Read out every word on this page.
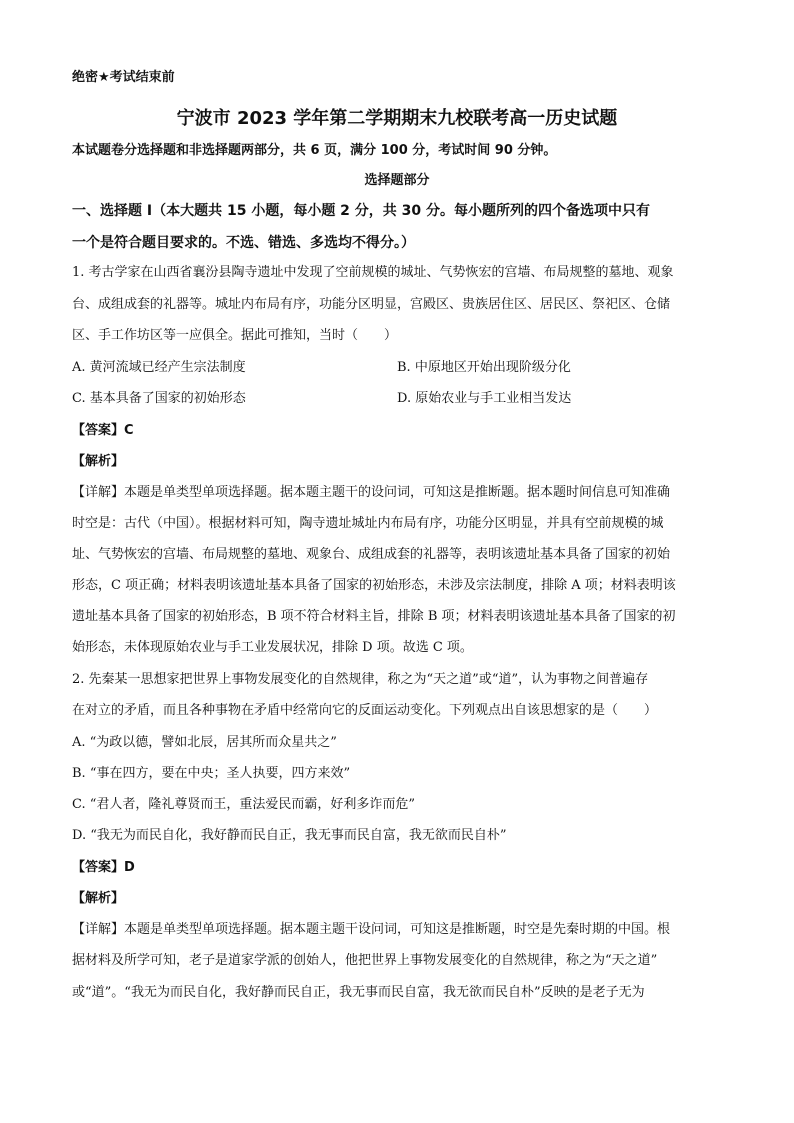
绝密★考试结束前
宁波市 2023 学年第二学期期末九校联考高一历史试题
本试题卷分选择题和非选择题两部分，共 6 页，满分 100 分，考试时间 90 分钟。
选择题部分
一、选择题 I（本大题共 15 小题，每小题 2 分，共 30 分。每小题所列的四个备选项中只有
一个是符合题目要求的。不选、错选、多选均不得分。）
1. 考古学家在山西省襄汾县陶寺遗址中发现了空前规模的城址、气势恢宏的宫墙、布局规整的墓地、观象
台、成组成套的礼器等。城址内布局有序，功能分区明显，宫殿区、贵族居住区、居民区、祭祀区、仓储
区、手工作坊区等一应俱全。据此可推知，当时（　　）
A. 黄河流域已经产生宗法制度	B. 中原地区开始出现阶级分化
C. 基本具备了国家的初始形态	D. 原始农业与手工业相当发达
【答案】C
【解析】
【详解】本题是单类型单项选择题。据本题主题干的设问词，可知这是推断题。据本题时间信息可知准确
时空是：古代（中国）。根据材料可知，陶寺遗址城址内布局有序，功能分区明显，并具有空前规模的城
址、气势恢宏的宫墙、布局规整的墓地、观象台、成组成套的礼器等，表明该遗址基本具备了国家的初始
形态，C 项正确；材料表明该遗址基本具备了国家的初始形态，未涉及宗法制度，排除 A 项；材料表明该
遗址基本具备了国家的初始形态，B 项不符合材料主旨，排除 B 项；材料表明该遗址基本具备了国家的初
始形态，未体现原始农业与手工业发展状况，排除 D 项。故选 C 项。
2. 先秦某一思想家把世界上事物发展变化的自然规律，称之为“天之道”或“道”，认为事物之间普遍存
在对立的矛盾，而且各种事物在矛盾中经常向它的反面运动变化。下列观点出自该思想家的是（　　）
A. “为政以德，譬如北辰，居其所而众星共之”
B. “事在四方，要在中央；圣人执要，四方来效”
C. “君人者，隆礼尊贤而王，重法爱民而霸，好利多诈而危”
D. “我无为而民自化，我好静而民自正，我无事而民自富，我无欲而民自朴”
【答案】D
【解析】
【详解】本题是单类型单项选择题。据本题主题干设问词，可知这是推断题，时空是先秦时期的中国。根
据材料及所学可知，老子是道家学派的创始人，他把世界上事物发展变化的自然规律，称之为“天之道”
或“道”。“我无为而民自化，我好静而民自正，我无事而民自富，我无欲而民自朴”反映的是老子无为
